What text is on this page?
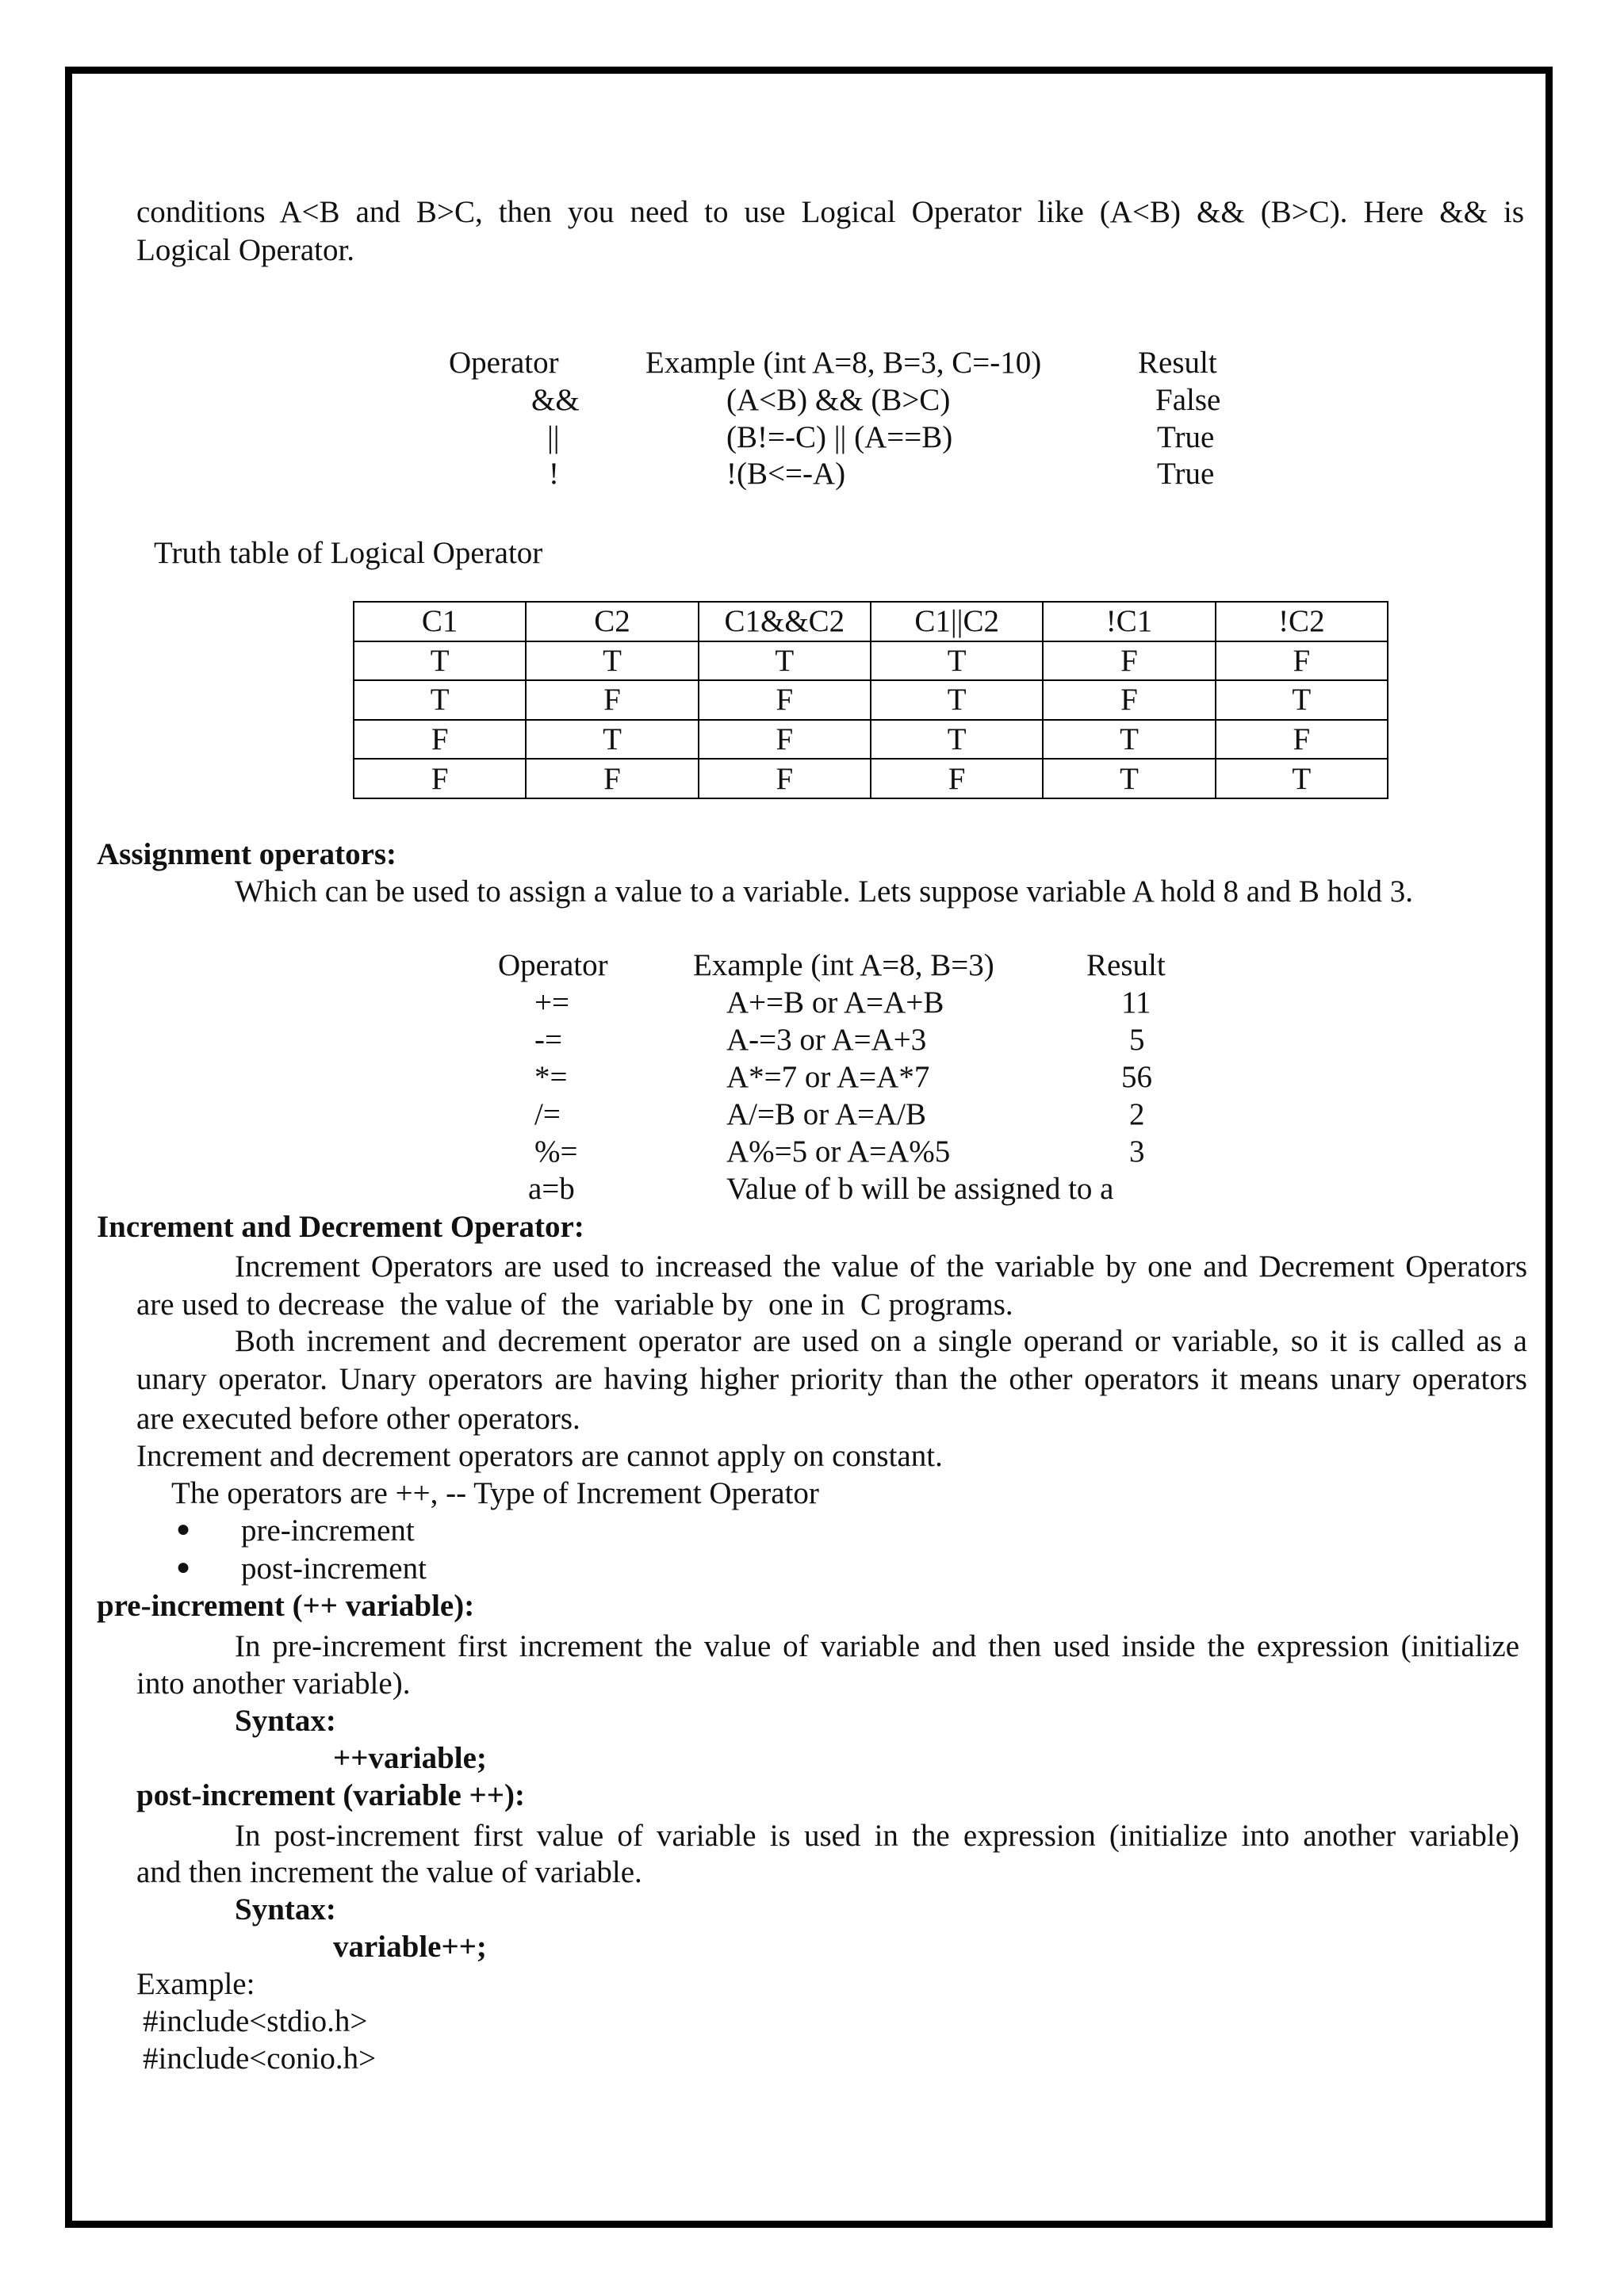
conditions A<B and B>C, then you need to use Logical Operator like (A<B) && (B>C). Here && is
Logical Operator.
Operator	Example (int A=8, B=3, C=-10)	Result
&&	(A<B) && (B>C)	False
||	(B!=-C) || (A==B)	True
!	!(B<=-A)	True
Truth table of Logical Operator
C1	C2	C1&&C2	C1||C2	!C1	!C2
T	T	T	T	F	F
T	F	F	T	F	T
F	T	F	T	T	F
F	F	F	F	T	T
Assignment operators:
Which can be used to assign a value to a variable. Lets suppose variable A hold 8 and B hold 3.
Operator	Example (int A=8, B=3)	Result
+=	A+=B or A=A+B	11
-=	A-=3 or A=A+3	5
*=	A*=7 or A=A*7	56
/=	A/=B or A=A/B	2
%=	A%=5 or A=A%5	3
a=b	Value of b will be assigned to a
Increment and Decrement Operator:
Increment Operators are used to increased the value of the variable by one and Decrement Operators
are used to decrease  the value of  the  variable by  one in  C programs.
Both increment and decrement operator are used on a single operand or variable, so it is called as a
unary operator. Unary operators are having higher priority than the other operators it means unary operators
are executed before other operators.
Increment and decrement operators are cannot apply on constant.
The operators are ++, -- Type of Increment Operator
● pre-increment
● post-increment
pre-increment (++ variable):
In pre-increment first increment the value of variable and then used inside the expression (initialize
into another variable).
Syntax:
++variable;
post-increment (variable ++):
In post-increment first value of variable is used in the expression (initialize into another variable)
and then increment the value of variable.
Syntax:
variable++;
Example:
#include<stdio.h>
#include<conio.h>
